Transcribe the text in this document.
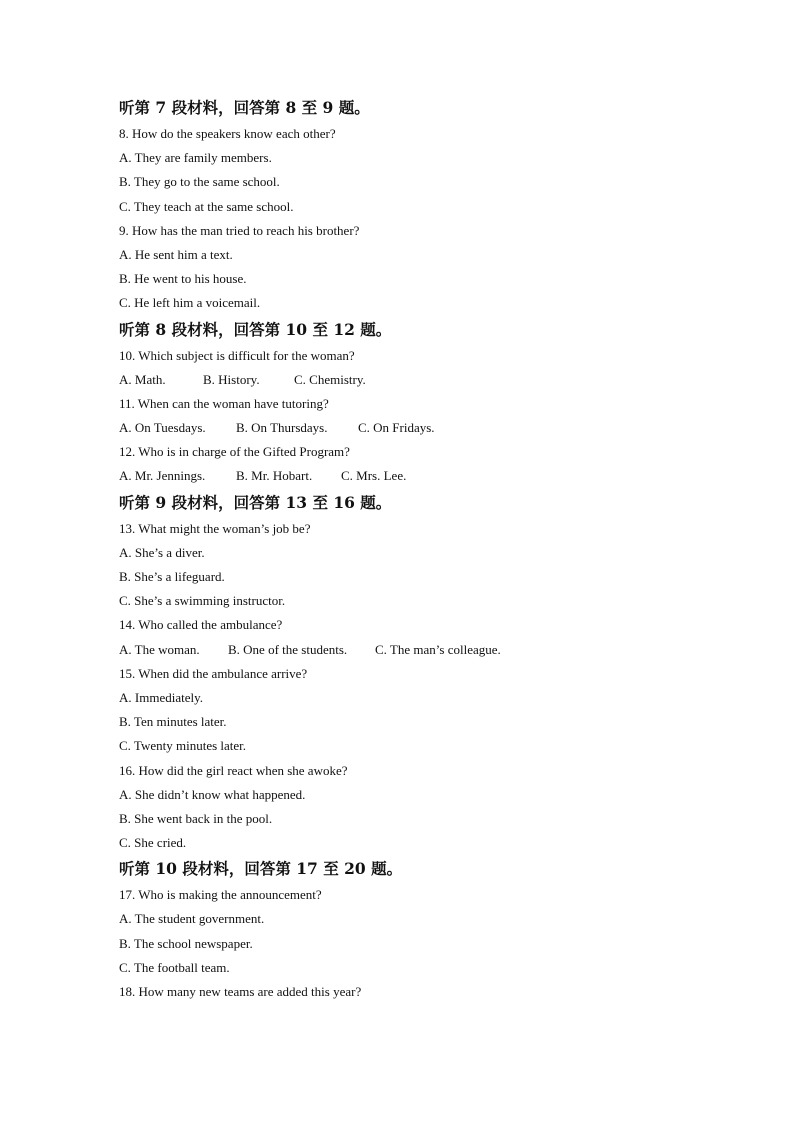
听第 7 段材料，回答第 8 至 9 题。
8. How do the speakers know each other?
A. They are family members.
B. They go to the same school.
C. They teach at the same school.
9. How has the man tried to reach his brother?
A. He sent him a text.
B. He went to his house.
C. He left him a voicemail.
听第 8 段材料，回答第 10 至 12 题。
10. Which subject is difficult for the woman?
A. Math.	B. History.	C. Chemistry.
11. When can the woman have tutoring?
A. On Tuesdays.	B. On Thursdays.	C. On Fridays.
12. Who is in charge of the Gifted Program?
A. Mr. Jennings.	B. Mr. Hobart.	C. Mrs. Lee.
听第 9 段材料，回答第 13 至 16 题。
13. What might the woman’s job be?
A. She’s a diver.
B. She’s a lifeguard.
C. She’s a swimming instructor.
14. Who called the ambulance?
A. The woman.	B. One of the students.	C. The man’s colleague.
15. When did the ambulance arrive?
A. Immediately.
B. Ten minutes later.
C. Twenty minutes later.
16. How did the girl react when she awoke?
A. She didn’t know what happened.
B. She went back in the pool.
C. She cried.
听第 10 段材料，回答第 17 至 20 题。
17. Who is making the announcement?
A. The student government.
B. The school newspaper.
C. The football team.
18. How many new teams are added this year?
